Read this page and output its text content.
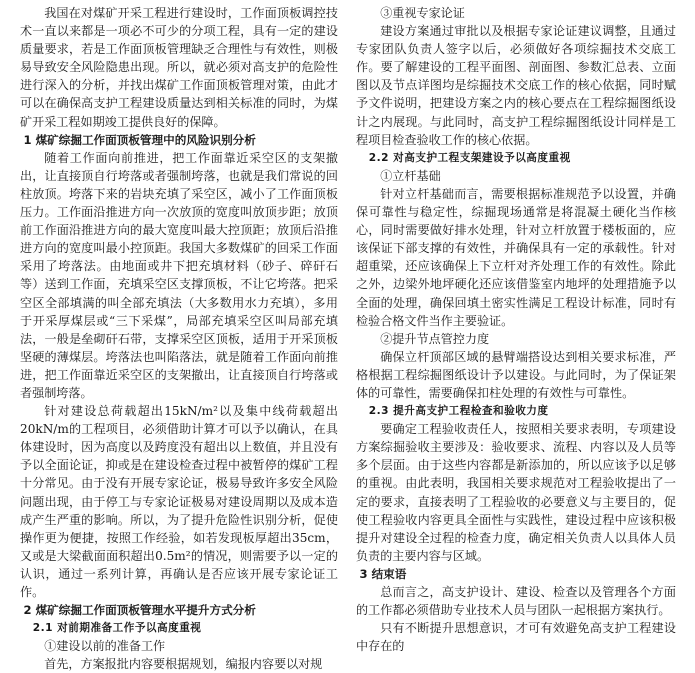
我国在对煤矿开采工程进行建设时，工作面顶板调控技术一直以来都是一项必不可少的分项工程，具有一定的建设质量要求，若是工作面顶板管理缺乏合理性与有效性，则极易导致安全风险隐患出现。所以，就必须对高支护的危险性进行深入的分析，并找出煤矿工作面顶板管理对策，由此才可以在确保高支护工程建设质量达到相关标准的同时，为煤矿开采工程如期竣工提供良好的保障。

1 煤矿综掘工作面顶板管理中的风险识别分析

随着工作面向前推进，把工作面靠近采空区的支架撤出，让直接顶自行垮落或者强制垮落，也就是我们常说的回柱放顶。垮落下来的岩块充填了采空区，减小了工作面顶板压力。工作面沿推进方向一次放顶的宽度叫放顶步距；放顶前工作面沿推进方向的最大宽度叫最大控顶距；放顶后沿推进方向的宽度叫最小控顶距。我国大多数煤矿的回采工作面采用了垮落法。由地面或井下把充填材料（砂子、碎矸石等）送到工作面，充填采空区支撑顶板，不让它垮落。把采空区全部填满的叫全部充填法（大多数用水力充填），多用于开采厚煤层或“三下采煤”，局部充填采空区叫局部充填法，一般是垒砌矸石带，支撑采空区顶板，适用于开采顶板坚硬的薄煤层。垮落法也叫陷落法，就是随着工作面向前推进，把工作面靠近采空区的支架撤出，让直接顶自行垮落或者强制垮落。

针对建设总荷载超出15kN/m²以及集中线荷载超出20kN/m的工程项目，必须借助计算才可以予以确认，在具体建设时，因为高度以及跨度没有超出以上数值，并且没有予以全面论证，抑或是在建设检查过程中被暂停的煤矿工程十分常见。由于没有开展专家论证，极易导致许多安全风险问题出现，由于停工与专家论证极易对建设周期以及成本造成产生严重的影响。所以，为了提升危险性识别分析，促使操作更为便捷，按照工作经验，如若发现板厚超出35cm，又或是大梁截面面积超出0.5m²的情况，则需要予以一定的认识，通过一系列计算，再确认是否应该开展专家论证工作。

2 煤矿综掘工作面顶板管理水平提升方式分析
2.1 对前期准备工作予以高度重视
①建设以前的准备工作

首先，方案报批内容要根据规划，编报内容要以对规

③重视专家论证

建设方案通过审批以及根据专家论证建议调整，且通过专家团队负责人签字以后，必须做好各项综掘技术交底工作。要了解建设的工程平面图、剖面图、参数汇总表、立面图以及节点详图均是综掘技术交底工作的核心依据，同时赋予文件说明，把建设方案之内的核心要点在工程综掘图纸设计之内展现。与此同时，高支护工程综掘图纸设计同样是工程项目检查验收工作的核心依据。

2.2 对高支护工程支架建设予以高度重视
①立杆基础

针对立杆基础而言，需要根据标准规范予以设置，并确保可靠性与稳定性，综掘现场通常是将混凝土硬化当作核心，同时需要做好排水处理，针对立杆放置于楼板面的，应该保证下部支撑的有效性，并确保具有一定的承载性。针对超重梁，还应该确保上下立杆对齐处理工作的有效性。除此之外，边梁外地坪硬化还应该借鉴室内地坪的处理措施予以全面的处理，确保回填土密实性满足工程设计标准，同时有检验合格文件当作主要验证。

②提升节点管控力度

确保立杆顶部区域的悬臂端搭设达到相关要求标准，严格根据工程综掘图纸设计予以建设。与此同时，为了保证架体的可靠性，需要确保扣柱处理的有效性与可靠性。

2.3 提升高支护工程检查和验收力度

要确定工程验收责任人，按照相关要求表明，专项建设方案综掘验收主要涉及：验收要求、流程、内容以及人员等多个层面。由于这些内容都是新添加的，所以应该予以足够的重视。由此表明，我国相关要求规范对工程验收提出了一定的要求，直接表明了工程验收的必要意义与主要目的，促使工程验收内容更具全面性与实践性，建设过程中应该积极提升对建设全过程的检查力度，确定相关负责人以具体人员负责的主要内容与区域。

3 结束语

总而言之，高支护设计、建设、检查以及管理各个方面的工作都必须借助专业技术人员与团队一起根据方案执行。

只有不断提升思想意识，才可有效避免高支护工程建设中存在的
